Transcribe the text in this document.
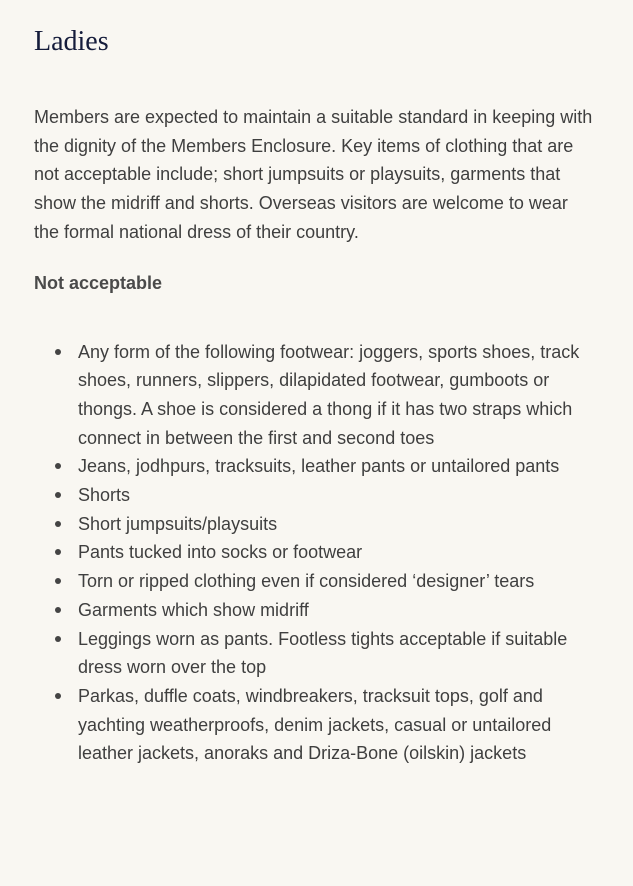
Ladies

Members are expected to maintain a suitable standard in keeping with the dignity of the Members Enclosure. Key items of clothing that are not acceptable include; short jumpsuits or playsuits, garments that show the midriff and shorts. Overseas visitors are welcome to wear the formal national dress of their country.

Not acceptable
Any form of the following footwear: joggers, sports shoes, track shoes, runners, slippers, dilapidated footwear, gumboots or thongs. A shoe is considered a thong if it has two straps which connect in between the first and second toes
Jeans, jodhpurs, tracksuits, leather pants or untailored pants
Shorts
Short jumpsuits/playsuits
Pants tucked into socks or footwear
Torn or ripped clothing even if considered ‘designer’ tears
Garments which show midriff
Leggings worn as pants. Footless tights acceptable if suitable dress worn over the top
Parkas, duffle coats, windbreakers, tracksuit tops, golf and yachting weatherproofs, denim jackets, casual or untailored leather jackets, anoraks and Driza-Bone (oilskin) jackets
